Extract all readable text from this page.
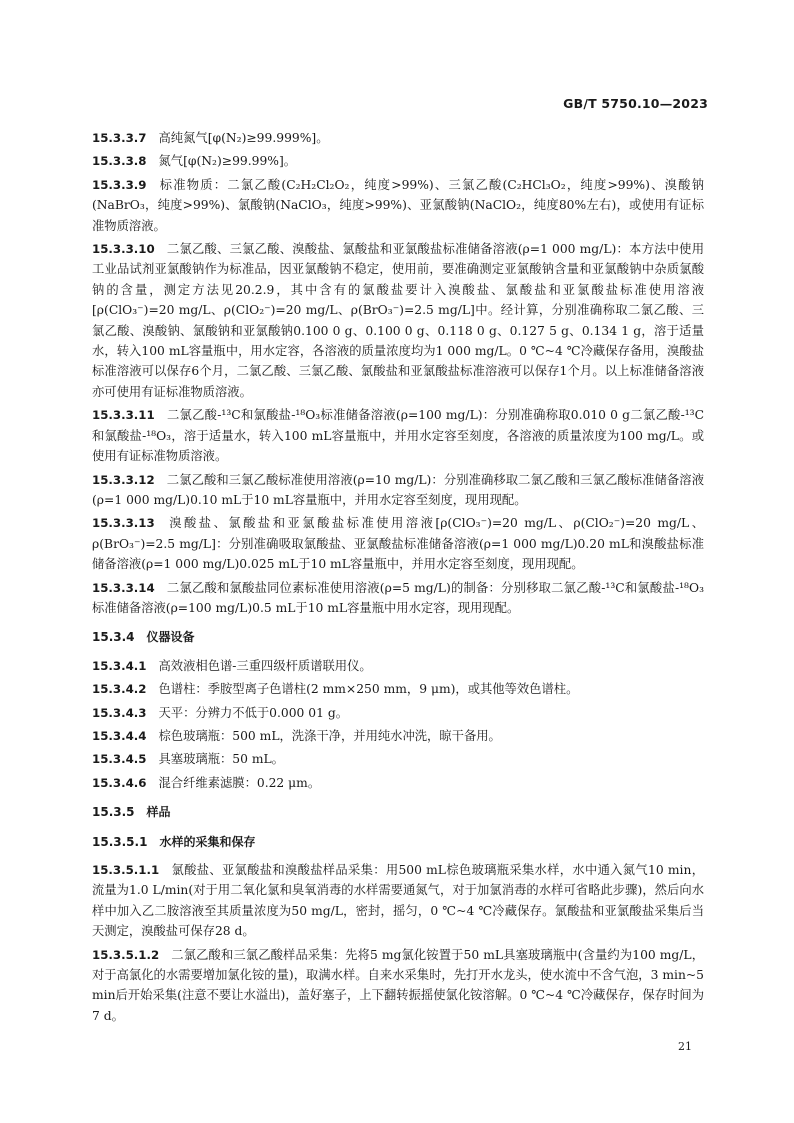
GB/T 5750.10—2023

15.3.3.7 高纯氮气[φ(N₂)≥99.999%]。

15.3.3.8 氮气[φ(N₂)≥99.99%]。

15.3.3.9 标准物质：二氯乙酸(C₂H₂Cl₂O₂，纯度>99%)、三氯乙酸(C₂HCl₃O₂，纯度>99%)、溴酸钠(NaBrO₃，纯度>99%)、氯酸钠(NaClO₃，纯度>99%)、亚氯酸钠(NaClO₂，纯度80%左右)，或使用有证标准物质溶液。

15.3.3.10 二氯乙酸、三氯乙酸、溴酸盐、氯酸盐和亚氯酸盐标准储备溶液(ρ=1 000 mg/L)：本方法中使用工业品试剂亚氯酸钠作为标准品，因亚氯酸钠不稳定，使用前，要准确测定亚氯酸钠含量和亚氯酸钠中杂质氯酸钠的含量，测定方法见20.2.9，其中含有的氯酸盐要计入溴酸盐、氯酸盐和亚氯酸盐标准使用溶液[ρ(ClO₃⁻)=20 mg/L、ρ(ClO₂⁻)=20 mg/L、ρ(BrO₃⁻)=2.5 mg/L]中。经计算，分别准确称取二氯乙酸、三氯乙酸、溴酸钠、氯酸钠和亚氯酸钠0.100 0 g、0.100 0 g、0.118 0 g、0.127 5 g、0.134 1 g，溶于适量水，转入100 mL容量瓶中，用水定容，各溶液的质量浓度均为1 000 mg/L。0 ℃~4 ℃冷藏保存备用，溴酸盐标准溶液可以保存6个月，二氯乙酸、三氯乙酸、氯酸盐和亚氯酸盐标准溶液可以保存1个月。以上标准储备溶液亦可使用有证标准物质溶液。

15.3.3.11 二氯乙酸-¹³C和氯酸盐-¹⁸O₃标准储备溶液(ρ=100 mg/L)：分别准确称取0.010 0 g二氯乙酸-¹³C和氯酸盐-¹⁸O₃，溶于适量水，转入100 mL容量瓶中，并用水定容至刻度，各溶液的质量浓度为100 mg/L。或使用有证标准物质溶液。

15.3.3.12 二氯乙酸和三氯乙酸标准使用溶液(ρ=10 mg/L)：分别准确移取二氯乙酸和三氯乙酸标准储备溶液(ρ=1 000 mg/L)0.10 mL于10 mL容量瓶中，并用水定容至刻度，现用现配。

15.3.3.13 溴酸盐、氯酸盐和亚氯酸盐标准使用溶液[ρ(ClO₃⁻)=20 mg/L、ρ(ClO₂⁻)=20 mg/L、ρ(BrO₃⁻)=2.5 mg/L]：分别准确吸取氯酸盐、亚氯酸盐标准储备溶液(ρ=1 000 mg/L)0.20 mL和溴酸盐标准储备溶液(ρ=1 000 mg/L)0.025 mL于10 mL容量瓶中，并用水定容至刻度，现用现配。

15.3.3.14 二氯乙酸和氯酸盐同位素标准使用溶液(ρ=5 mg/L)的制备：分别移取二氯乙酸-¹³C和氯酸盐-¹⁸O₃标准储备溶液(ρ=100 mg/L)0.5 mL于10 mL容量瓶中用水定容，现用现配。

15.3.4 仪器设备

15.3.4.1 高效液相色谱-三重四级杆质谱联用仪。

15.3.4.2 色谱柱：季胺型离子色谱柱(2 mm×250 mm，9 μm)，或其他等效色谱柱。

15.3.4.3 天平：分辨力不低于0.000 01 g。

15.3.4.4 棕色玻璃瓶：500 mL，洗涤干净，并用纯水冲洗，晾干备用。

15.3.4.5 具塞玻璃瓶：50 mL。

15.3.4.6 混合纤维素滤膜：0.22 μm。

15.3.5 样品
15.3.5.1 水样的采集和保存

15.3.5.1.1 氯酸盐、亚氯酸盐和溴酸盐样品采集：用500 mL棕色玻璃瓶采集水样，水中通入氮气10 min，流量为1.0 L/min(对于用二氧化氯和臭氧消毒的水样需要通氮气，对于加氯消毒的水样可省略此步骤)，然后向水样中加入乙二胺溶液至其质量浓度为50 mg/L，密封，摇匀，0 ℃~4 ℃冷藏保存。氯酸盐和亚氯酸盐采集后当天测定，溴酸盐可保存28 d。

15.3.5.1.2 二氯乙酸和三氯乙酸样品采集：先将5 mg氯化铵置于50 mL具塞玻璃瓶中(含量约为100 mg/L，对于高氯化的水需要增加氯化铵的量)，取满水样。自来水采集时，先打开水龙头，使水流中不含气泡，3 min~5 min后开始采集(注意不要让水溢出)，盖好塞子，上下翻转振摇使氯化铵溶解。0 ℃~4 ℃冷藏保存，保存时间为7 d。

21
